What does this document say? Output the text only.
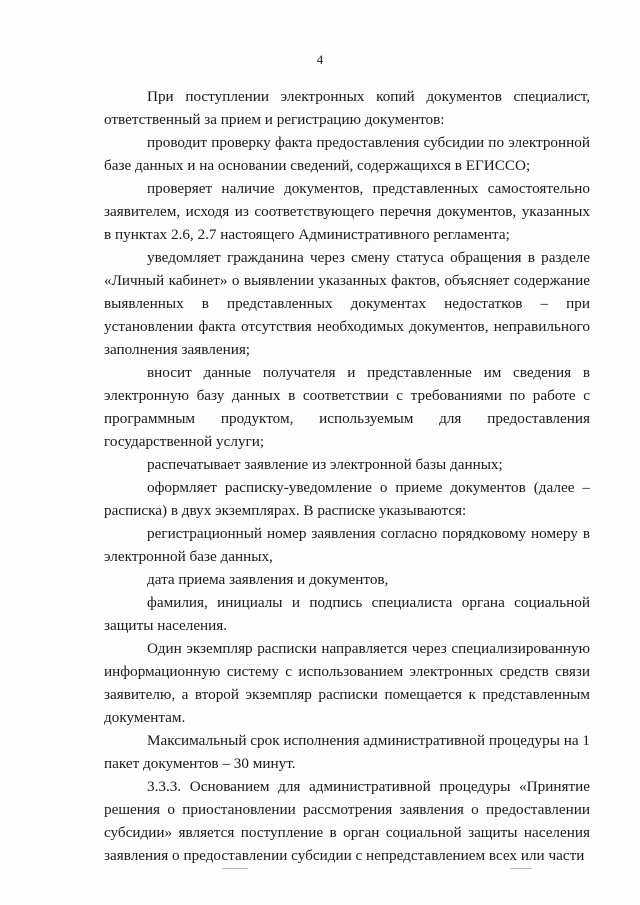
4

При поступлении электронных копий документов специалист, ответственный за прием и регистрацию документов:

проводит проверку факта предоставления субсидии по электронной базе данных и на основании сведений, содержащихся в ЕГИССО;

проверяет наличие документов, представленных самостоятельно заявителем, исходя из соответствующего перечня документов, указанных в пунктах 2.6, 2.7 настоящего Административного регламента;

уведомляет гражданина через смену статуса обращения в разделе «Личный кабинет» о выявлении указанных фактов, объясняет содержание выявленных в представленных документах недостатков – при установлении факта отсутствия необходимых документов, неправильного заполнения заявления;

вносит данные получателя и представленные им сведения в электронную базу данных в соответствии с требованиями по работе с программным продуктом, используемым для предоставления государственной услуги;

распечатывает заявление из электронной базы данных;

оформляет расписку-уведомление о приеме документов (далее – расписка) в двух экземплярах. В расписке указываются:

регистрационный номер заявления согласно порядковому номеру в электронной базе данных,

дата приема заявления и документов,

фамилия, инициалы и подпись специалиста органа социальной защиты населения.

Один экземпляр расписки направляется через специализированную информационную систему с использованием электронных средств связи заявителю, а второй экземпляр расписки помещается к представленным документам.

Максимальный срок исполнения административной процедуры на 1 пакет документов – 30 минут.

3.3.3. Основанием для административной процедуры «Принятие решения о приостановлении рассмотрения заявления о предоставлении субсидии» является поступление в орган социальной защиты населения заявления о предоставлении субсидии с непредставлением всех или части
